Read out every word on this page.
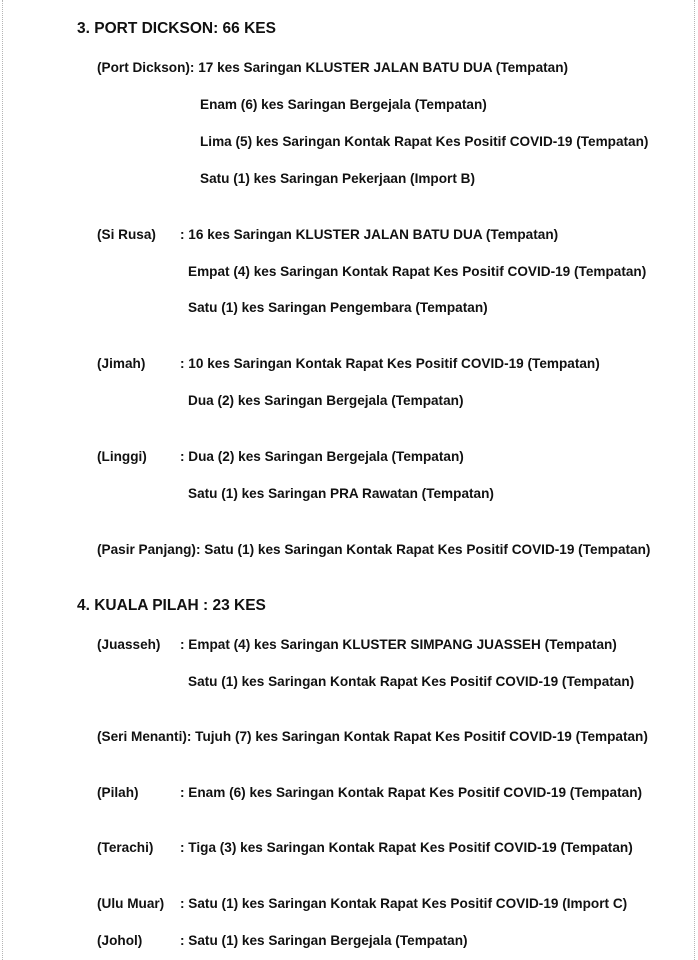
3. PORT DICKSON: 66 KES
(Port Dickson): 17 kes Saringan KLUSTER JALAN BATU DUA (Tempatan)
Enam (6) kes Saringan Bergejala (Tempatan)
Lima (5) kes Saringan Kontak Rapat Kes Positif COVID-19 (Tempatan)
Satu (1) kes Saringan Pekerjaan (Import B)
(Si Rusa) : 16 kes Saringan KLUSTER JALAN BATU DUA (Tempatan)
Empat (4) kes Saringan Kontak Rapat Kes Positif COVID-19 (Tempatan)
Satu (1) kes Saringan Pengembara (Tempatan)
(Jimah)	: 10 kes Saringan Kontak Rapat Kes Positif COVID-19 (Tempatan)
Dua (2) kes Saringan Bergejala (Tempatan)
(Linggi) : Dua (2) kes Saringan Bergejala (Tempatan)
Satu (1) kes Saringan PRA Rawatan (Tempatan)
(Pasir Panjang): Satu (1) kes Saringan Kontak Rapat Kes Positif COVID-19 (Tempatan)
4. KUALA PILAH : 23 KES
(Juasseh) : Empat (4) kes Saringan KLUSTER SIMPANG JUASSEH (Tempatan)
Satu (1) kes Saringan Kontak Rapat Kes Positif COVID-19 (Tempatan)
(Seri Menanti): Tujuh (7) kes Saringan Kontak Rapat Kes Positif COVID-19 (Tempatan)
(Pilah)	: Enam (6) kes Saringan Kontak Rapat Kes Positif COVID-19 (Tempatan)
(Terachi) : Tiga (3) kes Saringan Kontak Rapat Kes Positif COVID-19 (Tempatan)
(Ulu Muar) : Satu (1) kes Saringan Kontak Rapat Kes Positif COVID-19 (Import C)
(Johol)	: Satu (1) kes Saringan Bergejala (Tempatan)
